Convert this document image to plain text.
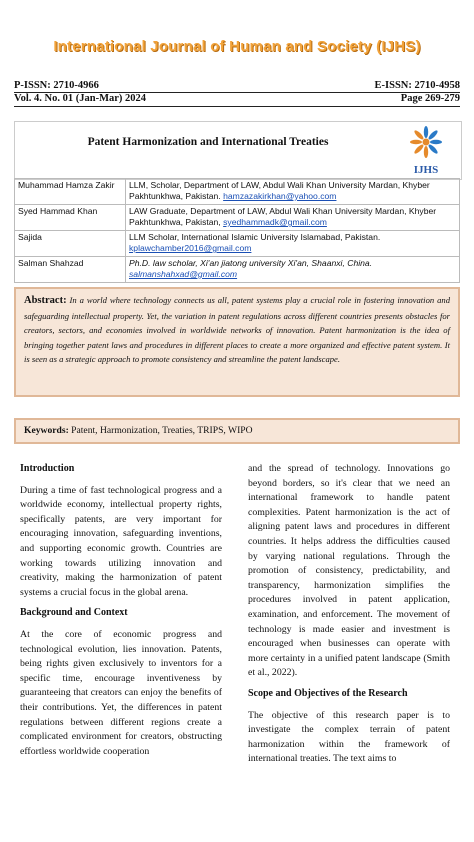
International Journal of Human and Society (IJHS)
P-ISSN: 2710-4966	E-ISSN: 2710-4958
Vol. 4. No. 01 (Jan-Mar) 2024	Page 269-279
Patent Harmonization and International Treaties
IJHS
Muhammad Hamza Zakir	LLM, Scholar, Department of LAW, Abdul Wali Khan University Mardan, Khyber Pakhtunkhwa, Pakistan. hamzazakirkhan@yahoo.com
Syed Hammad Khan	LAW Graduate, Department of LAW, Abdul Wali Khan University Mardan, Khyber Pakhtunkhwa, Pakistan, syedhammadk@gmail.com
Sajida	LLM Scholar, International Islamic University Islamabad, Pakistan. kplawchamber2016@gmail.com
Salman Shahzad	Ph.D. law scholar, Xi'an jiatong university Xi'an, Shaanxi, China. salmanshahxad@gmail.com
Abstract: In a world where technology connects us all, patent systems play a crucial role in fostering innovation and safeguarding intellectual property. Yet, the variation in patent regulations across different countries presents obstacles for creators, sectors, and economies involved in worldwide networks of innovation. Patent harmonization is the idea of bringing together patent laws and procedures in different places to create a more organized and effective patent system. It is seen as a strategic approach to promote consistency and streamline the patent landscape.
Keywords: Patent, Harmonization, Treaties, TRIPS, WIPO
Introduction

During a time of fast technological progress and a worldwide economy, intellectual property rights, specifically patents, are very important for encouraging innovation, safeguarding inventions, and supporting economic growth. Countries are working towards utilizing innovation and creativity, making the harmonization of patent systems a crucial focus in the global arena.

Background and Context

At the core of economic progress and technological evolution, lies innovation. Patents, being rights given exclusively to inventors for a specific time, encourage inventiveness by guaranteeing that creators can enjoy the benefits of their contributions. Yet, the differences in patent regulations between different regions create a complicated environment for creators, obstructing effortless worldwide cooperation

and the spread of technology. Innovations go beyond borders, so it's clear that we need an international framework to handle patent complexities. Patent harmonization is the act of aligning patent laws and procedures in different countries. It helps address the difficulties caused by varying national regulations. Through the promotion of consistency, predictability, and transparency, harmonization simplifies the procedures involved in patent application, examination, and enforcement. The movement of technology is made easier and investment is encouraged when businesses can operate with more certainty in a unified patent landscape (Smith et al., 2022).

Scope and Objectives of the Research

The objective of this research paper is to investigate the complex terrain of patent harmonization within the framework of international treaties. The text aims to
